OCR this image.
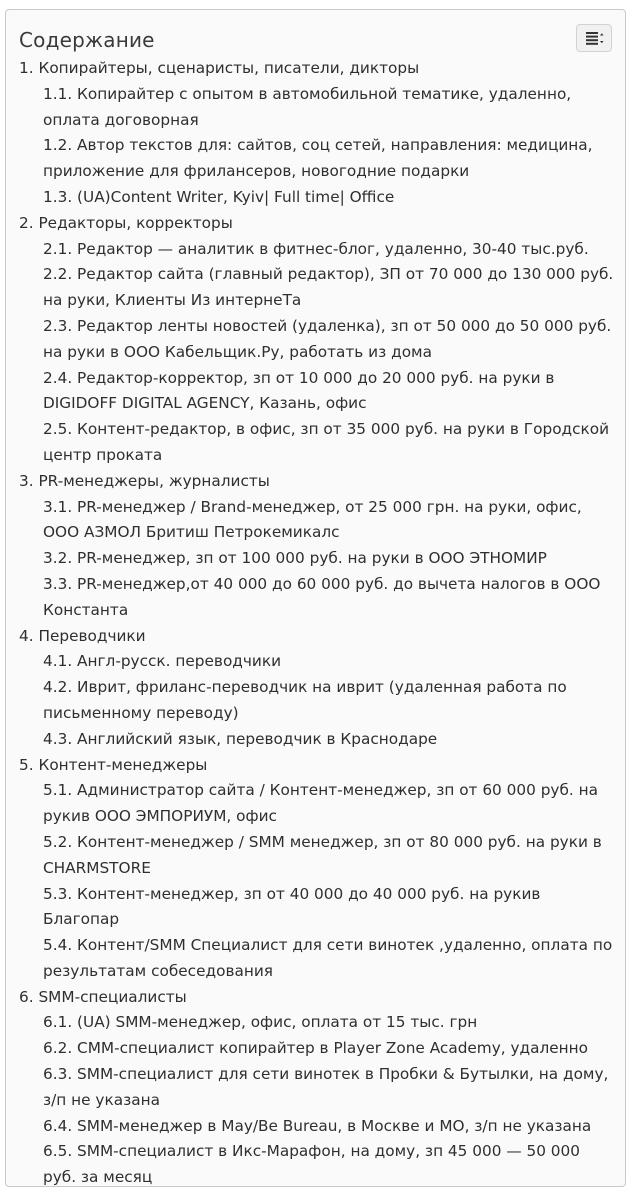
Содержание
1. Копирайтеры, сценаристы, писатели, дикторы
1.1. Копирайтер с опытом в автомобильной тематике, удаленно, оплата договорная
1.2. Автор текстов для: сайтов, соц сетей, направления: медицина, приложение для фрилансеров, новогодние подарки
1.3. (UA)Content Writer, Kyiv| Full time| Office
2. Редакторы, корректоры
2.1. Редактор — аналитик в фитнес-блог, удаленно, 30-40 тыс.руб.
2.2. Редактор сайта (главный редактор), ЗП от 70 000 до 130 000 руб. на руки, Клиенты Из интернеТа
2.3. Редактор ленты новостей (удаленка), зп от 50 000 до 50 000 руб. на руки в ООО Кабельщик.Ру, работать из дома
2.4. Редактор-корректор, зп от 10 000 до 20 000 руб. на руки в DIGIDOFF DIGITAL AGENCY, Казань, офис
2.5. Контент-редактор, в офис, зп от 35 000 руб. на руки в Городской центр проката
3. PR-менеджеры, журналисты
3.1. PR-менеджер / Brand-менеджер, от 25 000 грн. на руки, офис, ООО АЗМОЛ Бритиш Петрокемикалс
3.2. PR-менеджер, зп от 100 000 руб. на руки в ООО ЭТНОМИР
3.3. PR-менеджер,от 40 000 до 60 000 руб. до вычета налогов в ООО Константа
4. Переводчики
4.1. Англ-русск. переводчики
4.2. Иврит, фриланс-переводчик на иврит (удаленная работа по письменному переводу)
4.3. Английский язык, переводчик в Краснодаре
5. Контент-менеджеры
5.1. Администратор сайта / Контент-менеджер, зп от 60 000 руб. на рукив ООО ЭМПОРИУМ, офис
5.2. Контент-менеджер / SMM менеджер, зп от 80 000 руб. на руки в CHARMSTORE
5.3. Контент-менеджер, зп от 40 000 до 40 000 руб. на рукив Благопар
5.4. Контент/SMM Специалист для сети винотек ,удаленно, оплата по результатам собеседования
6. SMM-специалисты
6.1. (UA) SMM-менеджер, офис, оплата от 15 тыс. грн
6.2. СММ-специалист копирайтер в Player Zone Academy, удаленно
6.3. SMM-специалист для сети винотек в Пробки & Бутылки, на дому, з/п не указана
6.4. SMM-менеджер в May/Be Bureau, в Москве и МО, з/п не указана
6.5. SMM-специалист в Икс-Марафон, на дому, зп 45 000 — 50 000 руб. за месяц
